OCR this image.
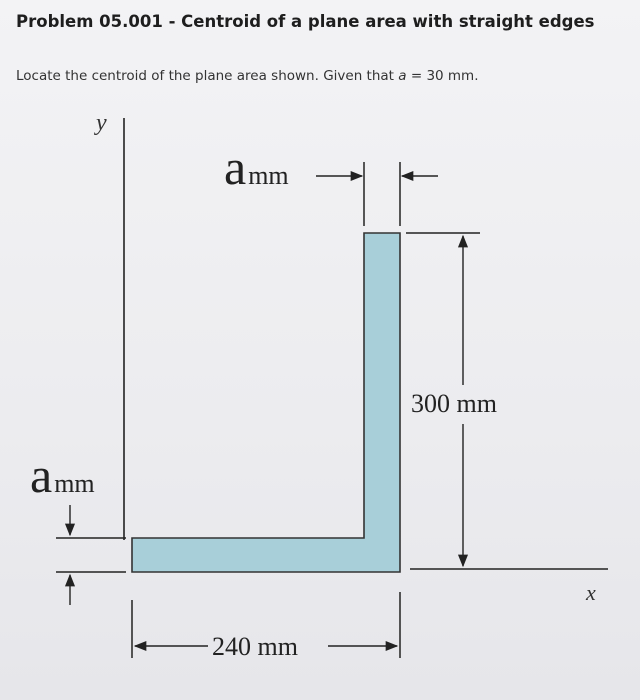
Problem 05.001 - Centroid of a plane area with straight edges
Locate the centroid of the plane area shown. Given that a = 30 mm.
y
x
amm
300 mm
amm
240 mm
